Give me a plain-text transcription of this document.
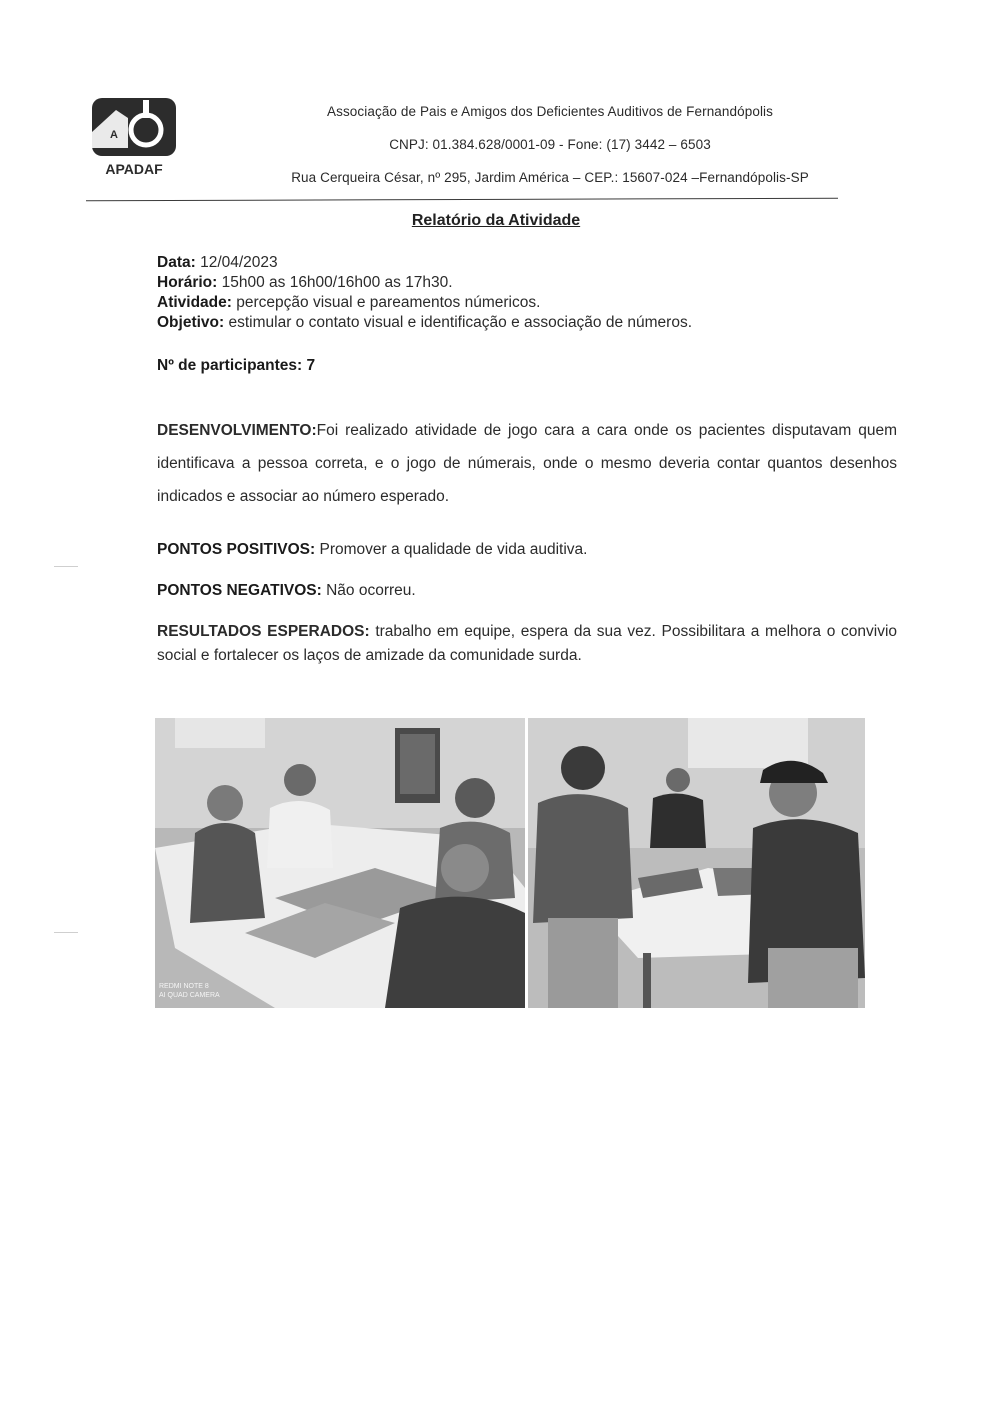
A
APADAF
Associação de Pais e Amigos dos Deficientes Auditivos de Fernandópolis
CNPJ: 01.384.628/0001-09 - Fone: (17) 3442 – 6503
Rua Cerqueira César, nº 295, Jardim América – CEP.: 15607-024 –Fernandópolis-SP
Relatório da Atividade
Data: 12/04/2023
Horário: 15h00 as 16h00/16h00 as 17h30.
Atividade: percepção visual e pareamentos númericos.
Objetivo: estimular o contato visual e identificação e associação de números.
Nº de participantes: 7
DESENVOLVIMENTO:Foi realizado atividade de jogo cara a cara onde os pacientes disputavam quem identificava a pessoa correta, e o jogo de númerais, onde o mesmo deveria contar quantos desenhos indicados e associar ao número esperado.
PONTOS POSITIVOS: Promover a qualidade de vida auditiva.
PONTOS NEGATIVOS: Não ocorreu.
RESULTADOS ESPERADOS: trabalho em equipe, espera da sua vez. Possibilitara a melhora o convivio social e fortalecer os laços de amizade da comunidade surda.
REDMI NOTE 8
AI QUAD CAMERA
